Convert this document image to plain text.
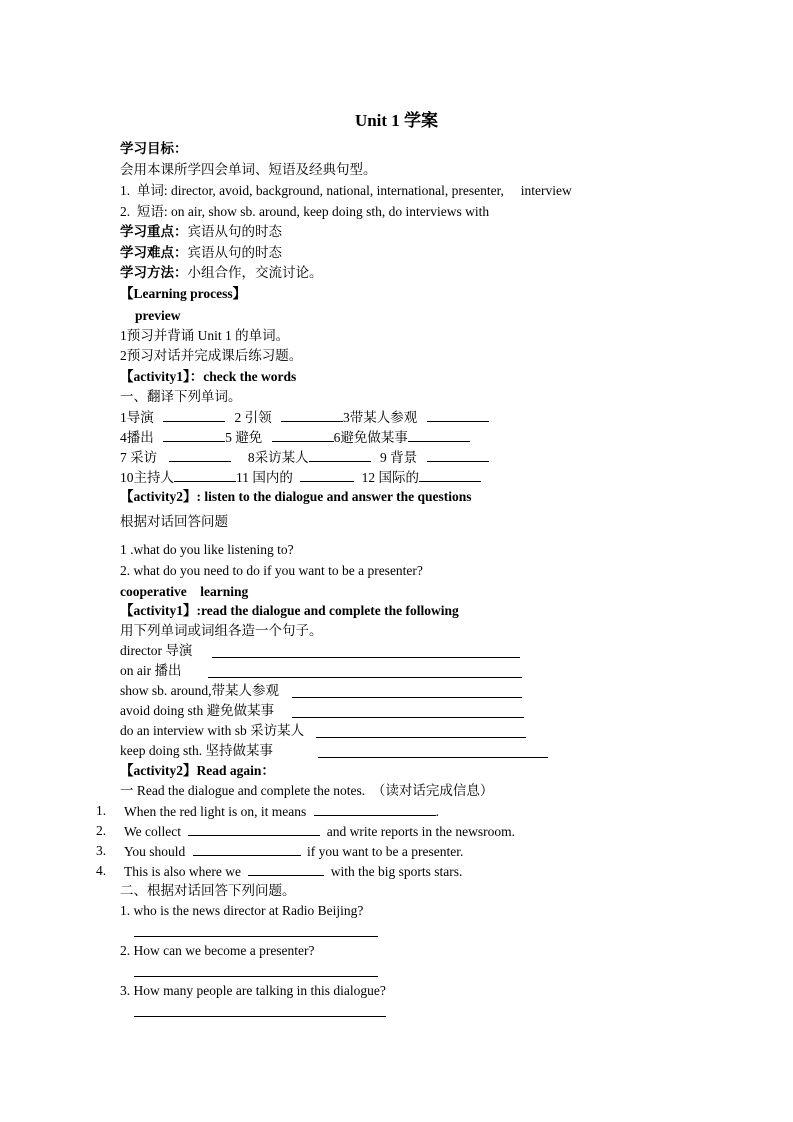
Unit 1 学案
学习目标：
会用本课所学四会单词、短语及经典句型。
1.  单词: director, avoid, background, national, international, presenter,     interview
2.  短语: on air, show sb. around, keep doing sth, do interviews with
学习重点：宾语从句的时态
学习难点：宾语从句的时态
学习方法：小组合作，交流讨论。
【Learning process】
preview
1预习并背诵 Unit 1 的单词。
2预习对话并完成课后练习题。
【activity1】：check the words
一、翻译下列单词。
1导演	2 引领	3带某人参观
4播出	5 避免	6避免做某事
7 采访	8采访某人	9 背景
10主持人	11 国内的	12 国际的
【activity2】: listen to the dialogue and answer the questions
根据对话回答问题
1 .what do you like listening to?
2. what do you need to do if you want to be a presenter?
cooperative    learning
【activity1】:read the dialogue and complete the following
用下列单词或词组各造一个句子。
director 导演
on air 播出
show sb. around,带某人参观
avoid doing sth 避免做某事
do an interview with sb 采访某人
keep doing sth. 坚持做某事
【activity2】Read again：
一 Read the dialogue and complete the notes.  （读对话完成信息）
1. When the red light is on, it means	.
2. We collect	and write reports in the newsroom.
3. You should	if you want to be a presenter.
4. This is also where we	with the big sports stars.
二、根据对话回答下列问题。
1. who is the news director at Radio Beijing?
2. How can we become a presenter?
3. How many people are talking in this dialogue?
